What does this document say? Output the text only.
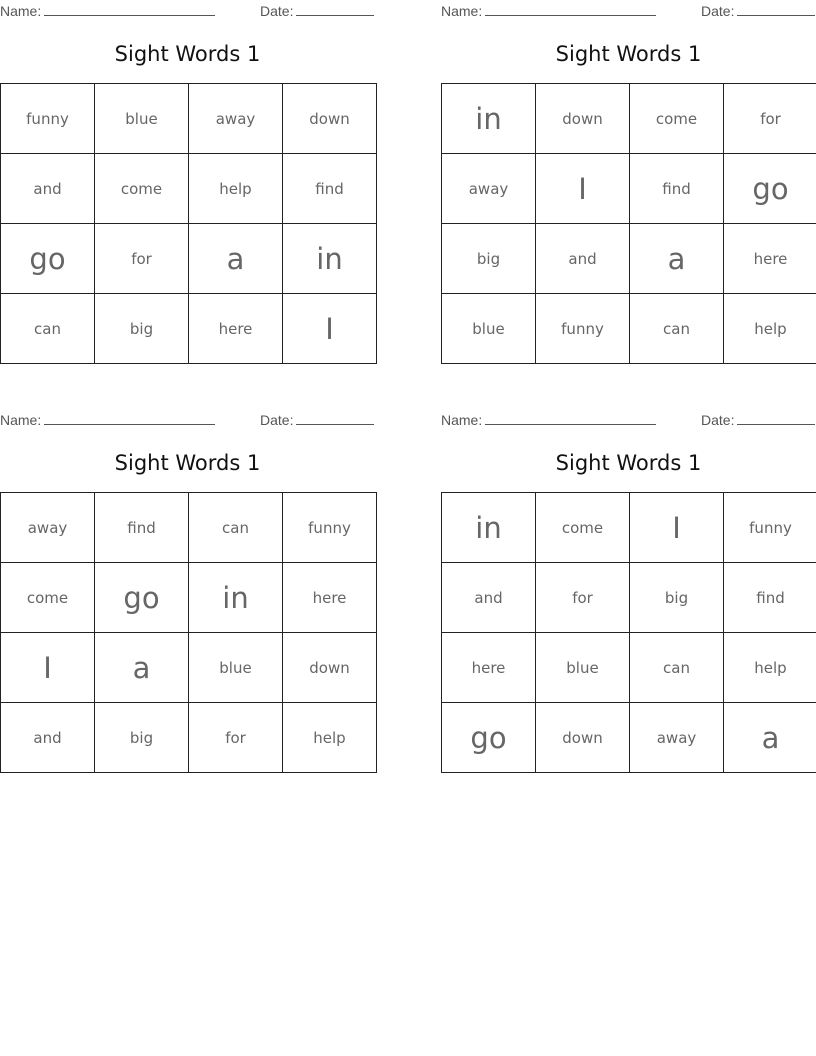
Name:	Date:
Sight Words 1
funny	blue	away	down
and	come	help	find
go	for	a	in
can	big	here	I
Name:	Date:
Sight Words 1
in	down	come	for
away	I	find	go
big	and	a	here
blue	funny	can	help
Name:	Date:
Sight Words 1
away	find	can	funny
come	go	in	here
I	a	blue	down
and	big	for	help
Name:	Date:
Sight Words 1
in	come	I	funny
and	for	big	find
here	blue	can	help
go	down	away	a
